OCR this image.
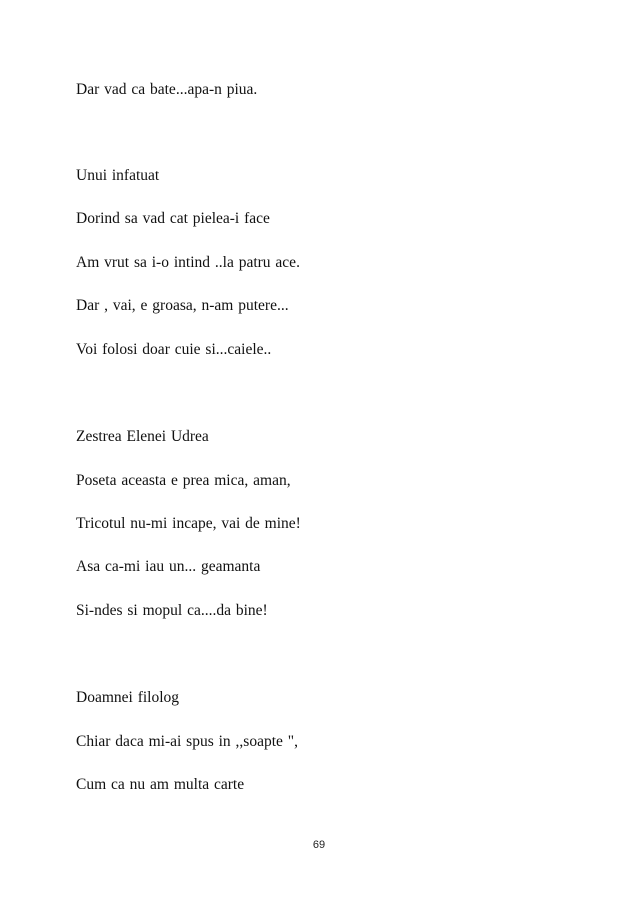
Dar vad ca bate...apa-n piua.
Unui infatuat
Dorind sa vad cat pielea-i face
Am vrut sa i-o intind ..la patru ace.
Dar , vai, e groasa, n-am putere...
Voi folosi doar cuie si...caiele..
Zestrea Elenei Udrea
Poseta aceasta e prea mica, aman,
Tricotul nu-mi incape, vai de mine!
Asa ca-mi iau un... geamanta
Si-ndes si mopul ca....da bine!
Doamnei filolog
Chiar daca mi-ai spus in ,,soapte ",
Cum ca nu am multa carte
69
